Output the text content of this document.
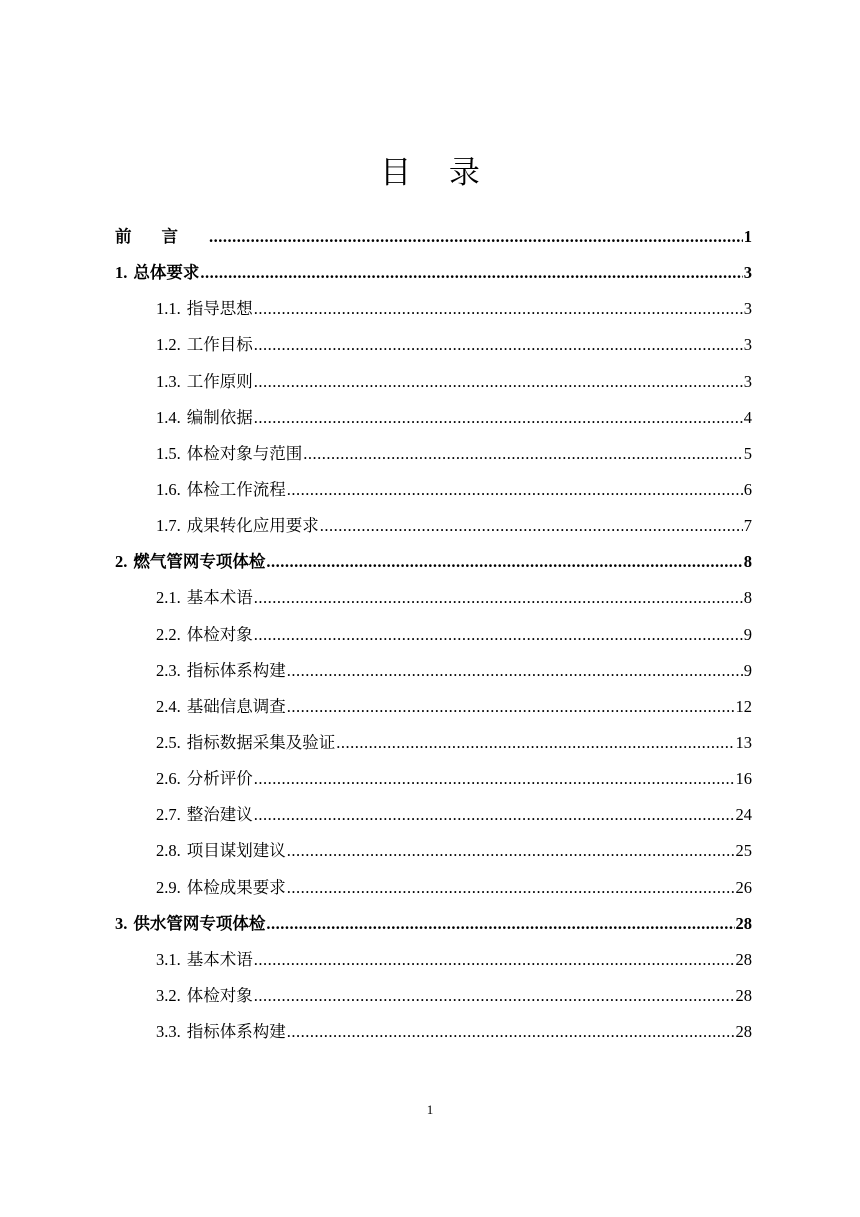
目 录
前言 .....	1
1. 总体要求 .....	3
1.1. 指导思想 .....	3
1.2. 工作目标 .....	3
1.3. 工作原则 .....	3
1.4. 编制依据 .....	4
1.5. 体检对象与范围 .....	5
1.6. 体检工作流程 .....	6
1.7. 成果转化应用要求 .....	7
2. 燃气管网专项体检 .....	8
2.1. 基本术语 .....	8
2.2. 体检对象 .....	9
2.3. 指标体系构建 .....	9
2.4. 基础信息调查 .....	12
2.5. 指标数据采集及验证 .....	13
2.6. 分析评价 .....	16
2.7. 整治建议 .....	24
2.8. 项目谋划建议 .....	25
2.9. 体检成果要求 .....	26
3. 供水管网专项体检 .....	28
3.1. 基本术语 .....	28
3.2. 体检对象 .....	28
3.3. 指标体系构建 .....	28
1
